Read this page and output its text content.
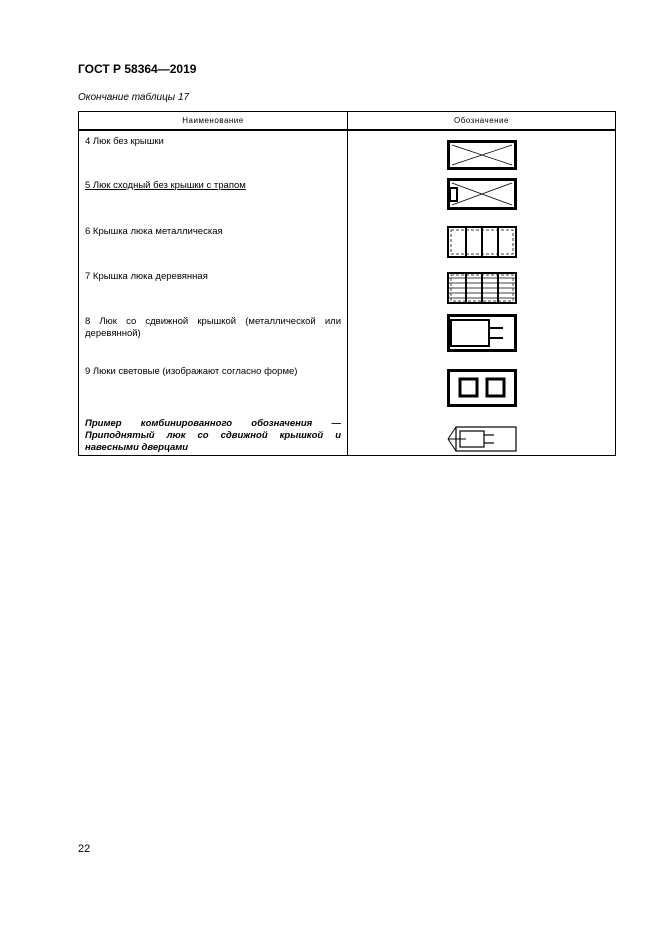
ГОСТ Р 58364—2019
Окончание таблицы 17
Наименование	Обозначение
4 Люк без крышки	

5 Люк сходный без крышки с трапом	

6 Крышка люка металлическая	

7 Крышка люка деревянная	

8 Люк со сдвижной крышкой (металлической или деревянной)	

9 Люки световые (изображают согласно форме)	

Пример комбинированного обозначения — Приподнятый люк со сдвижной крышкой и навесными дверцами	
22
